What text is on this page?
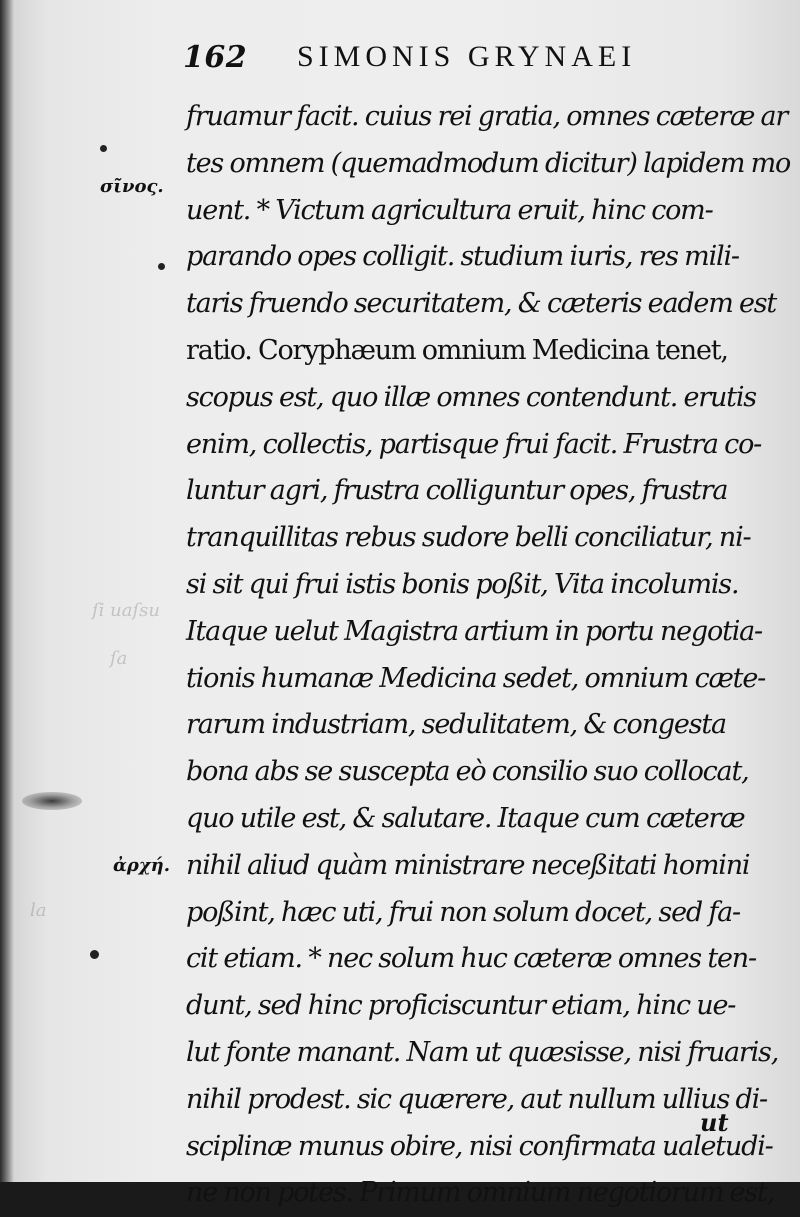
ſi uaſsu
ſa
la
162 SIMONIS GRYNAEI
σῖνος.
ἀρχή.
fruamur facit. cuius rei gratia, omnes cæteræ ar
tes omnem (quemadmodum dicitur) lapidem mo
uent. * Victum agricultura eruit, hinc com-
parando opes colligit. studium iuris, res mili-
taris fruendo securitatem, & cæteris eadem est
ratio. Coryphæum omnium Medicina tenet,
scopus est, quo illæ omnes contendunt. erutis
enim, collectis, partisque frui facit. Frustra co-
luntur agri, frustra colliguntur opes, frustra
tranquillitas rebus sudore belli conciliatur, ni-
si sit qui frui istis bonis poßit, Vita incolumis.
Itaque uelut Magistra artium in portu negotia-
tionis humanæ Medicina sedet, omnium cæte-
rarum industriam, sedulitatem, & congesta
bona abs se suscepta eò consilio suo collocat,
quo utile est, & salutare. Itaque cum cæteræ
nihil aliud quàm ministrare neceßitati homini
poßint, hæc uti, frui non solum docet, sed fa-
cit etiam. * nec solum huc cæteræ omnes ten-
dunt, sed hinc proficiscuntur etiam, hinc ue-
lut fonte manant. Nam ut quæsisse, nisi fruaris,
nihil prodest. sic quærere, aut nullum ullius di-
sciplinæ munus obire, nisi confirmata ualetudi-
ne non potes. Primum omnium negotiorum est,
ut
